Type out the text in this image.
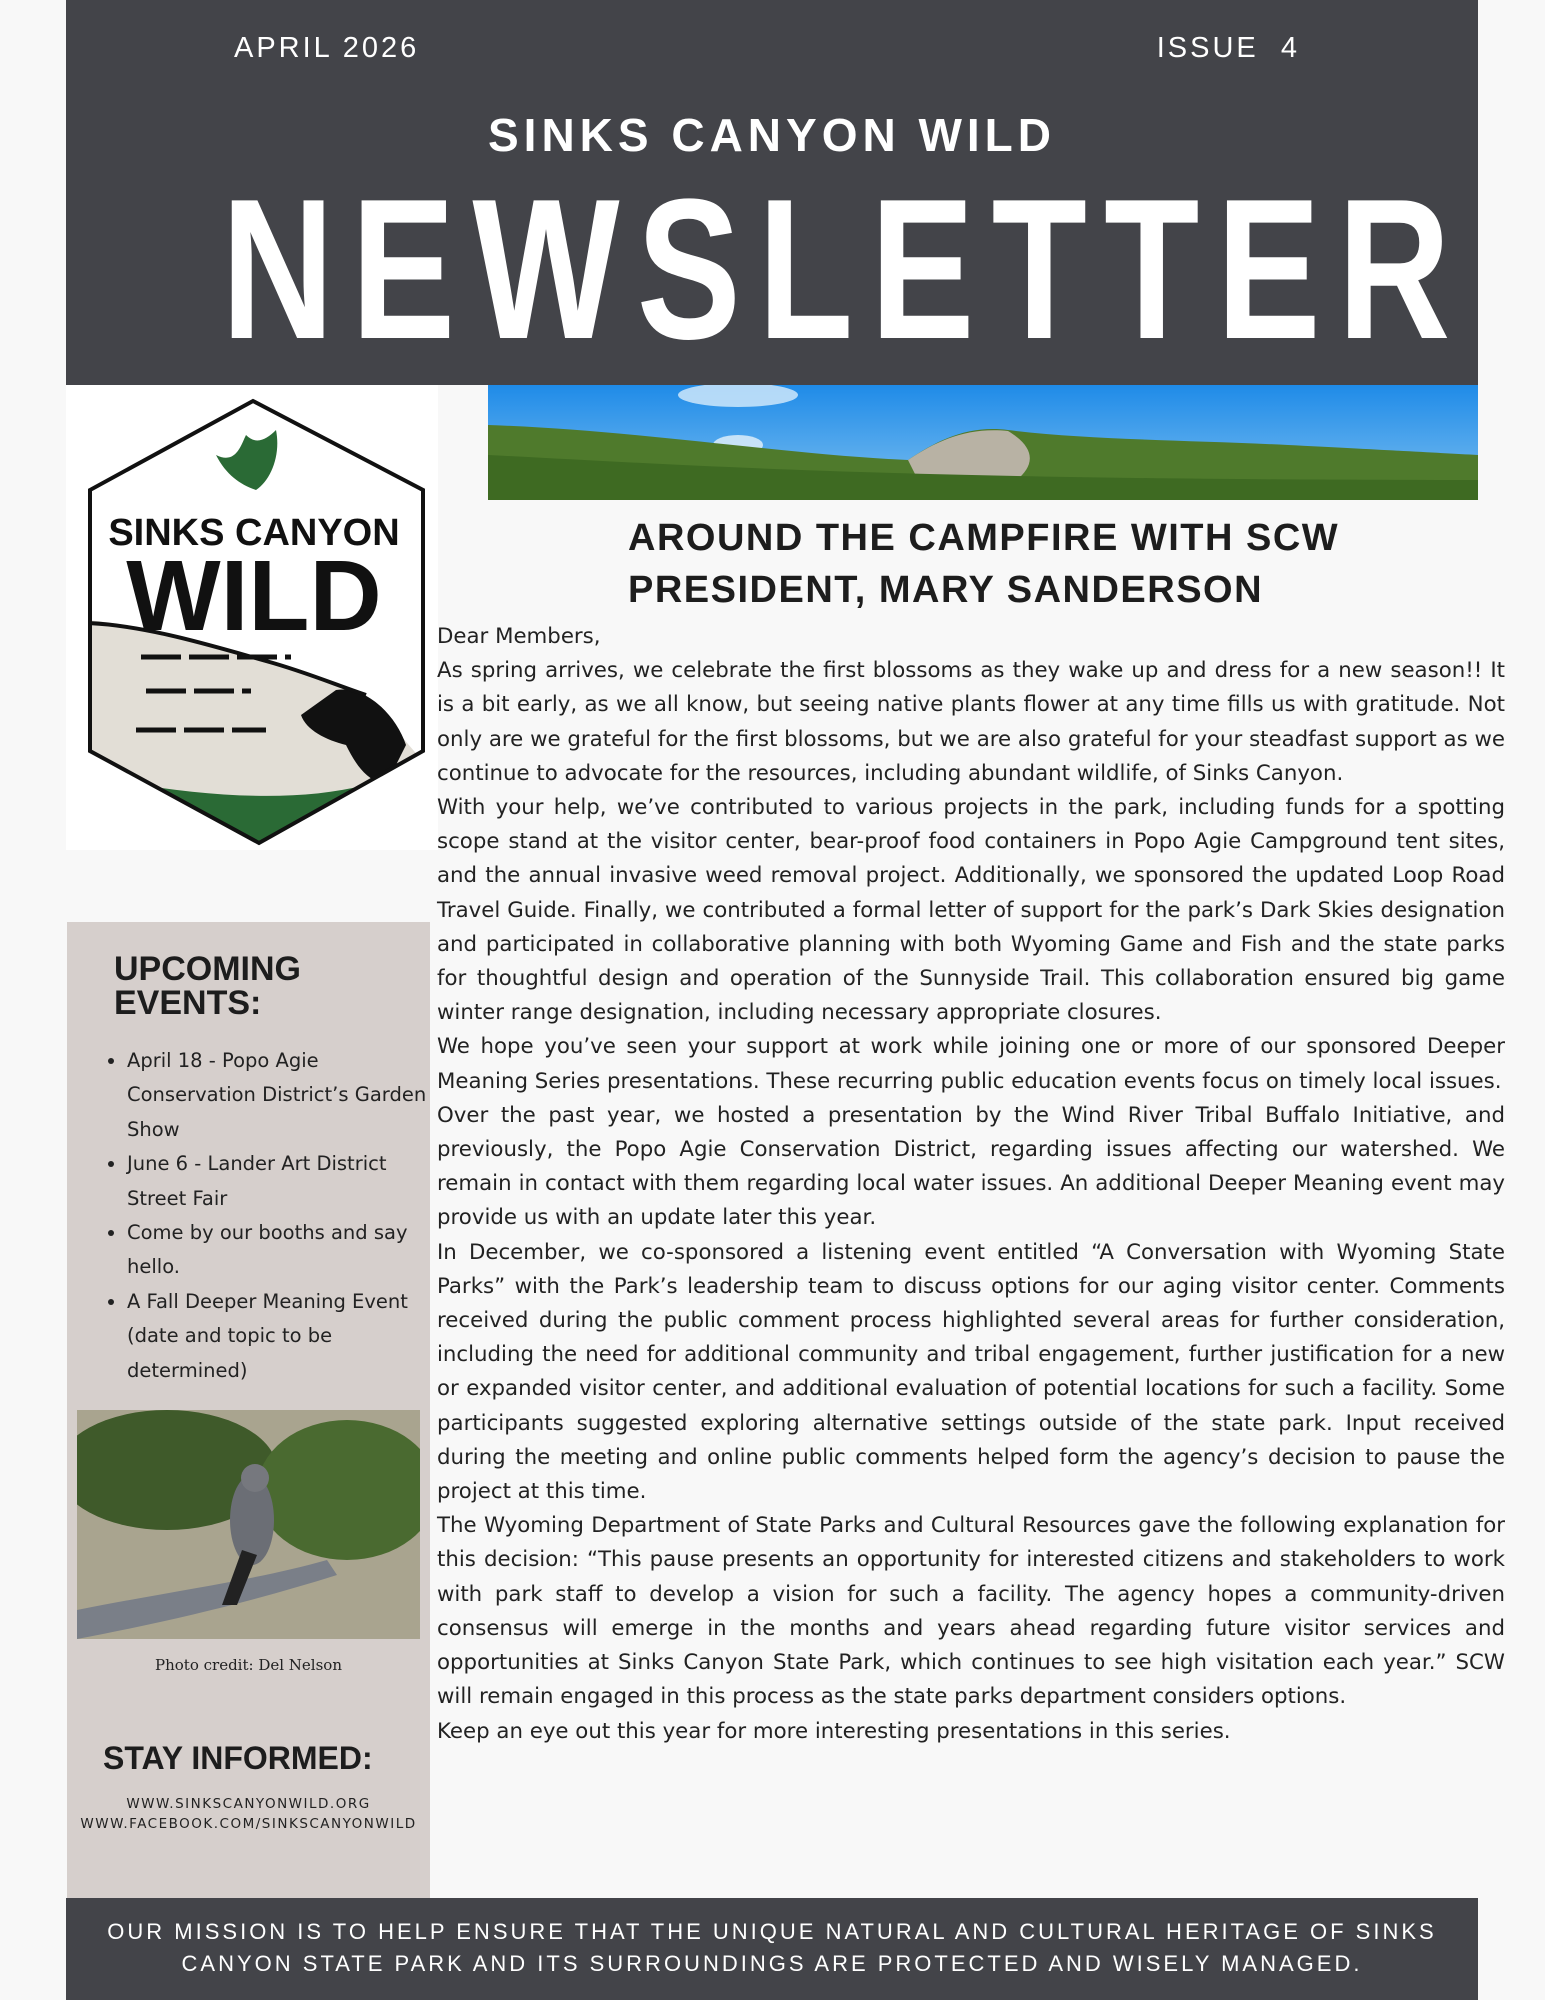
APRIL 2026	ISSUE  4
SINKS CANYON WILD
NEWSLETTER
SINKS CANYON
WILD
AROUND THE CAMPFIRE WITH SCW
PRESIDENT, MARY SANDERSON

Dear Members,

As spring arrives, we celebrate the first blossoms as they wake up and dress for a new season!! It is a bit early, as we all know, but seeing native plants flower at any time fills us with gratitude. Not only are we grateful for the first blossoms, but we are also grateful for your steadfast support as we continue to advocate for the resources, including abundant wildlife, of Sinks Canyon.

With your help, we’ve contributed to various projects in the park, including funds for a spotting scope stand at the visitor center, bear-proof food containers in Popo Agie Campground tent sites, and the annual invasive weed removal project. Additionally, we sponsored the updated Loop Road Travel Guide. Finally, we contributed a formal letter of support for the park’s Dark Skies designation and participated in collaborative planning with both Wyoming Game and Fish and the state parks for thoughtful design and operation of the Sunnyside Trail. This collaboration ensured big game winter range designation, including necessary appropriate closures.

We hope you’ve seen your support at work while joining one or more of our sponsored Deeper Meaning Series presentations. These recurring public education events focus on timely local issues.

Over the past year, we hosted a presentation by the Wind River Tribal Buffalo Initiative, and previously, the Popo Agie Conservation District, regarding issues affecting our watershed. We remain in contact with them regarding local water issues. An additional Deeper Meaning event may provide us with an update later this year.

In December, we co-sponsored a listening event entitled “A Conversation with Wyoming State Parks” with the Park’s leadership team to discuss options for our aging visitor center. Comments received during the public comment process highlighted several areas for further consideration, including the need for additional community and tribal engagement, further justification for a new or expanded visitor center, and additional evaluation of potential locations for such a facility. Some participants suggested exploring alternative settings outside of the state park. Input received during the meeting and online public comments helped form the agency’s decision to pause the project at this time.

The Wyoming Department of State Parks and Cultural Resources gave the following explanation for this decision: “This pause presents an opportunity for interested citizens and stakeholders to work with park staff to develop a vision for such a facility. The agency hopes a community-driven consensus will emerge in the months and years ahead regarding future visitor services and opportunities at Sinks Canyon State Park, which continues to see high visitation each year.” SCW will remain engaged in this process as the state parks department considers options.

Keep an eye out this year for more interesting presentations in this series.

UPCOMING EVENTS:
• April 18 - Popo Agie Conservation District’s Garden Show
• June 6 - Lander Art District Street Fair
• Come by our booths and say hello.
• A Fall Deeper Meaning Event (date and topic to be determined)
Photo credit: Del Nelson
STAY INFORMED:
WWW.SINKSCANYONWILD.ORG
WWW.FACEBOOK.COM/SINKSCANYONWILD
OUR MISSION IS TO HELP ENSURE THAT THE UNIQUE NATURAL AND CULTURAL HERITAGE OF SINKS
CANYON STATE PARK AND ITS SURROUNDINGS ARE PROTECTED AND WISELY MANAGED.
